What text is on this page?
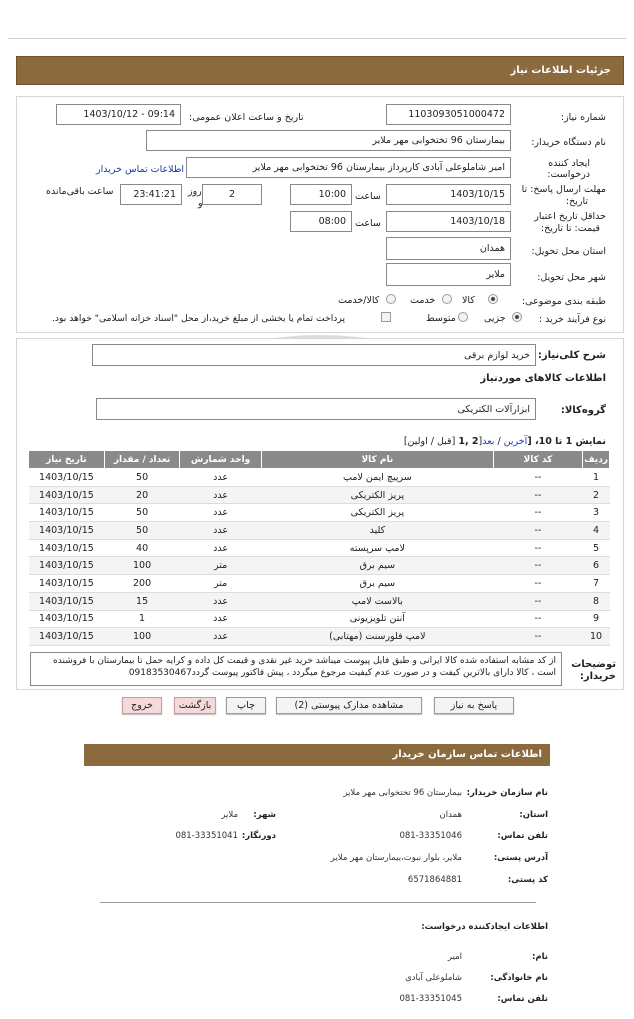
جزئیات اطلاعات نیاز
شماره نیاز:
1103093051000472
تاریخ و ساعت اعلان عمومی:
1403/10/12 - 09:14
نام دستگاه خریدار:
بیمارستان 96 تختخوابی مهر ملایر
ایجاد کننده
درخواست:
امیر شاملوعلی آبادی کارپرداز بیمارستان 96 تختخوابی مهر ملایر
اطلاعات تماس خریدار
مهلت ارسال پاسخ: تا
تاریخ:
1403/10/15
ساعت
10:00
2
روز
و
23:41:21
ساعت باقی‌مانده
حداقل تاریخ اعتبار
قیمت: تا تاریخ:
1403/10/18
ساعت
08:00
استان محل تحویل:
همدان
شهر محل تحویل:
ملایر
طبقه بندی موضوعی:
کالا
خدمت
کالا/خدمت
نوع فرآیند خرید :
جزیی
متوسط
پرداخت تمام یا بخشی از مبلغ خرید،از محل "اسناد خزانه اسلامی" خواهد بود.
شرح کلی‌نیاز:
خرید لوازم برقی
اطلاعات کالاهای موردنیاز
گروه‌کالا:
ابزارآلات الکتریکی
نمایش 1 تا 10، [آخرین / بعد[2 ,1 [قبل / اولین]
ردیف	کد کالا	نام کالا	واحد شمارش	تعداد / مقدار	تاریخ نیاز
1	--	سرپیچ ایمن لامپ	عدد	50	1403/10/15
2	--	پریز الکتریکی	عدد	20	1403/10/15
3	--	پریز الکتریکی	عدد	50	1403/10/15
4	--	کلید	عدد	50	1403/10/15
5	--	لامپ سرپسته	عدد	40	1403/10/15
6	--	سیم برق	متر	100	1403/10/15
7	--	سیم برق	متر	200	1403/10/15
8	--	بالاست لامپ	عدد	15	1403/10/15
9	--	آنتن تلویزیونی	عدد	1	1403/10/15
10	--	لامپ فلورسنت (مهتابی)	عدد	100	1403/10/15
توضیحات
خریدار:
از کد مشابه استفاده شده کالا ایرانی و طبق فایل پیوست میباشد خرید غیر نقدی و قیمت کل داده و کرایه حمل تا بیمارستان با فروشنده است ، کالا دارای بالاترین کیفت و در صورت عدم کیفیت مرجوع میگردد ، پیش فاکتور پیوست گردد09183530467
پاسخ به نیاز
مشاهده مدارک پیوستی (2)
چاپ
بازگشت
خروج
اطلاعات تماس سازمان خریدار
نام سازمان خریدار:
بیمارستان 96 تختخوابی مهر ملایر
استان:
همدان
شهر:
ملایر
تلفن تماس:
081-33351046
دورنگار:
081-33351041
آدرس پستی:
ملایر، بلوار نبوت،بیمارستان مهر ملایر
کد پستی:
6571864881
اطلاعات ایجادکننده درخواست:
نام:
امیر
نام خانوادگی:
شاملوعلی آبادی
تلفن تماس:
081-33351045
